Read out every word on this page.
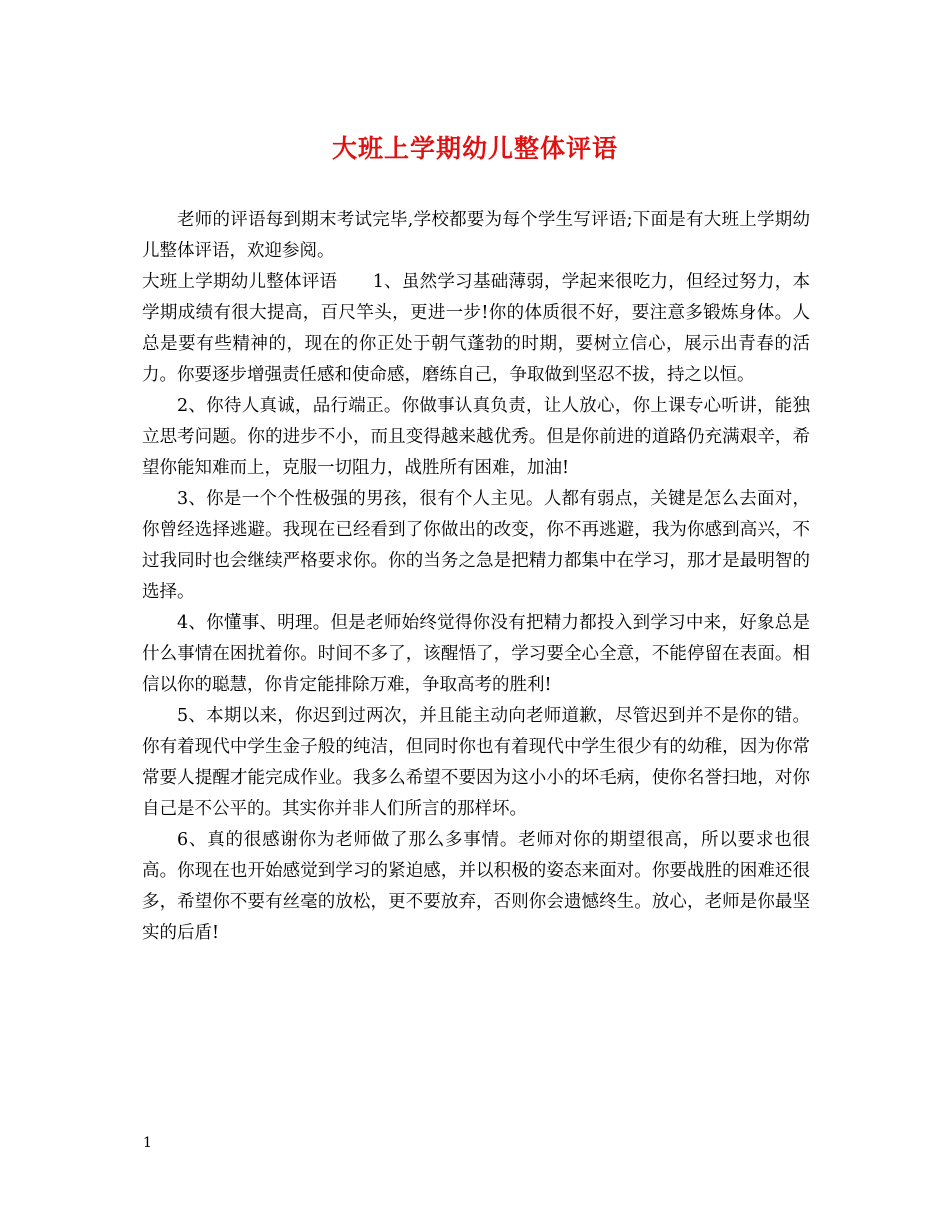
大班上学期幼儿整体评语

老师的评语每到期末考试完毕,学校都要为每个学生写评语;下面是有大班上学期幼儿整体评语，欢迎参阅。

大班上学期幼儿整体评语　　1、虽然学习基础薄弱，学起来很吃力，但经过努力，本学期成绩有很大提高，百尺竿头，更进一步!你的体质很不好，要注意多锻炼身体。人总是要有些精神的，现在的你正处于朝气蓬勃的时期，要树立信心，展示出青春的活力。你要逐步增强责任感和使命感，磨练自己，争取做到坚忍不拔，持之以恒。

2、你待人真诚，品行端正。你做事认真负责，让人放心，你上课专心听讲，能独立思考问题。你的进步不小，而且变得越来越优秀。但是你前进的道路仍充满艰辛，希望你能知难而上，克服一切阻力，战胜所有困难，加油!

3、你是一个个性极强的男孩，很有个人主见。人都有弱点，关键是怎么去面对，你曾经选择逃避。我现在已经看到了你做出的改变，你不再逃避，我为你感到高兴，不过我同时也会继续严格要求你。你的当务之急是把精力都集中在学习，那才是最明智的选择。

4、你懂事、明理。但是老师始终觉得你没有把精力都投入到学习中来，好象总是什么事情在困扰着你。时间不多了，该醒悟了，学习要全心全意，不能停留在表面。相信以你的聪慧，你肯定能排除万难，争取高考的胜利!

5、本期以来，你迟到过两次，并且能主动向老师道歉，尽管迟到并不是你的错。你有着现代中学生金子般的纯洁，但同时你也有着现代中学生很少有的幼稚，因为你常常要人提醒才能完成作业。我多么希望不要因为这小小的坏毛病，使你名誉扫地，对你自己是不公平的。其实你并非人们所言的那样坏。

6、真的很感谢你为老师做了那么多事情。老师对你的期望很高，所以要求也很高。你现在也开始感觉到学习的紧迫感，并以积极的姿态来面对。你要战胜的困难还很多，希望你不要有丝毫的放松，更不要放弃，否则你会遗憾终生。放心，老师是你最坚实的后盾!

1
